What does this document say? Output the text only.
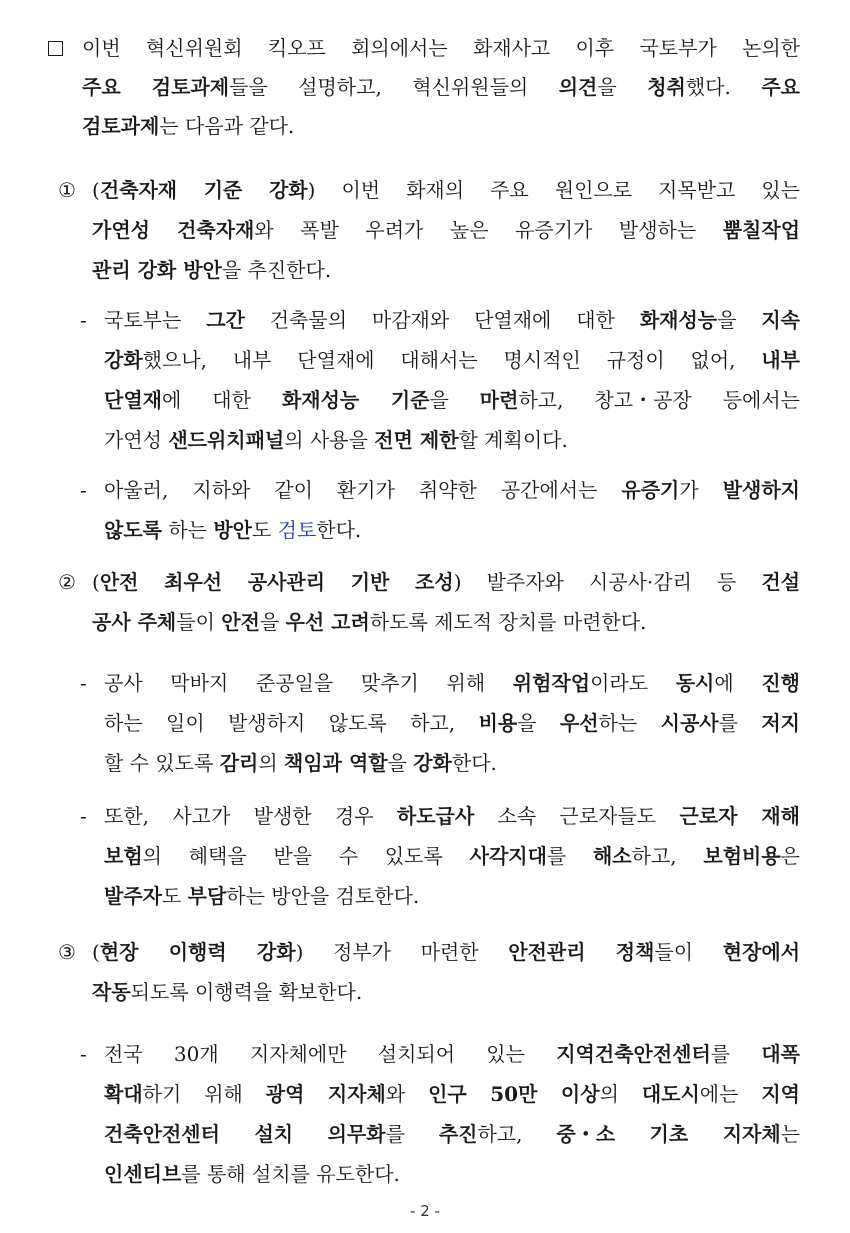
이번 혁신위원회 킥오프 회의에서는 화재사고 이후 국토부가 논의한
주요 검토과제들을 설명하고, 혁신위원들의 의견을 청취했다. 주요
검토과제는 다음과 같다.
① (건축자재 기준 강화) 이번 화재의 주요 원인으로 지목받고 있는
가연성 건축자재와 폭발 우려가 높은 유증기가 발생하는 뿜칠작업
관리 강화 방안을 추진한다.
- 국토부는 그간 건축물의 마감재와 단열재에 대한 화재성능을 지속
강화했으나, 내부 단열재에 대해서는 명시적인 규정이 없어, 내부
단열재에 대한 화재성능 기준을 마련하고, 창고・공장 등에서는
가연성 샌드위치패널의 사용을 전면 제한할 계획이다.
- 아울러, 지하와 같이 환기가 취약한 공간에서는 유증기가 발생하지
않도록 하는 방안도 검토한다.
② (안전 최우선 공사관리 기반 조성) 발주자와 시공사·감리 등 건설
공사 주체들이 안전을 우선 고려하도록 제도적 장치를 마련한다.
- 공사 막바지 준공일을 맞추기 위해 위험작업이라도 동시에 진행
하는 일이 발생하지 않도록 하고, 비용을 우선하는 시공사를 저지
할 수 있도록 감리의 책임과 역할을 강화한다.
- 또한, 사고가 발생한 경우 하도급사 소속 근로자들도 근로자 재해
보험의 혜택을 받을 수 있도록 사각지대를 해소하고, 보험비용은
발주자도 부담하는 방안을 검토한다.
③ (현장 이행력 강화) 정부가 마련한 안전관리 정책들이 현장에서
작동되도록 이행력을 확보한다.
- 전국 30개 지자체에만 설치되어 있는 지역건축안전센터를 대폭
확대하기 위해 광역 지자체와 인구 50만 이상의 대도시에는 지역
건축안전센터 설치 의무화를 추진하고, 중・소 기초 지자체는
인센티브를 통해 설치를 유도한다.
- 2 -
